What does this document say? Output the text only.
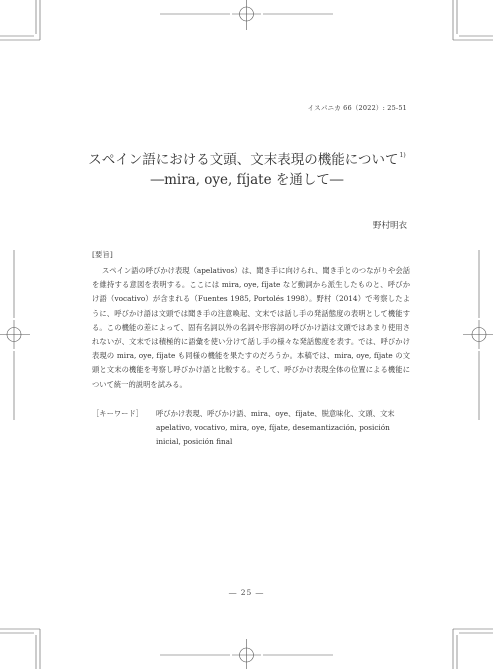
イスパニカ 66（2022）: 25-51
スペイン語における文頭、文末表現の機能について$^{1)}$
―mira, oye, fíjate を通して―
野村明衣
[要旨]

スペイン語の呼びかけ表現（apelativos）は、聞き手に向けられ、聞き手とのつながりや会話を維持する意図を表明する。ここには mira, oye, fíjate など動詞から派生したものと、呼びかけ語（vocativo）が含まれる（Fuentes 1985, Portolés 1998）。野村（2014）で考察したように、呼びかけ語は文頭では聞き手の注意喚起、文末では話し手の発話態度の表明として機能する。この機能の差によって、固有名詞以外の名詞や形容詞の呼びかけ語は文頭ではあまり使用されないが、文末では積極的に語彙を使い分けて話し手の様々な発話態度を表す。では、呼びかけ表現の mira, oye, fíjate も同様の機能を果たすのだろうか。本稿では、mira, oye, fíjate の文頭と文末の機能を考察し呼びかけ語と比較する。そして、呼びかけ表現全体の位置による機能について統一的説明を試みる。

［キーワード］ 呼びかけ表現、呼びかけ語、mira、oye、fíjate、脱意味化、文頭、文末
apelativo, vocativo, mira, oye, fíjate, desemantización, posición inicial, posición final
― 25 ―
